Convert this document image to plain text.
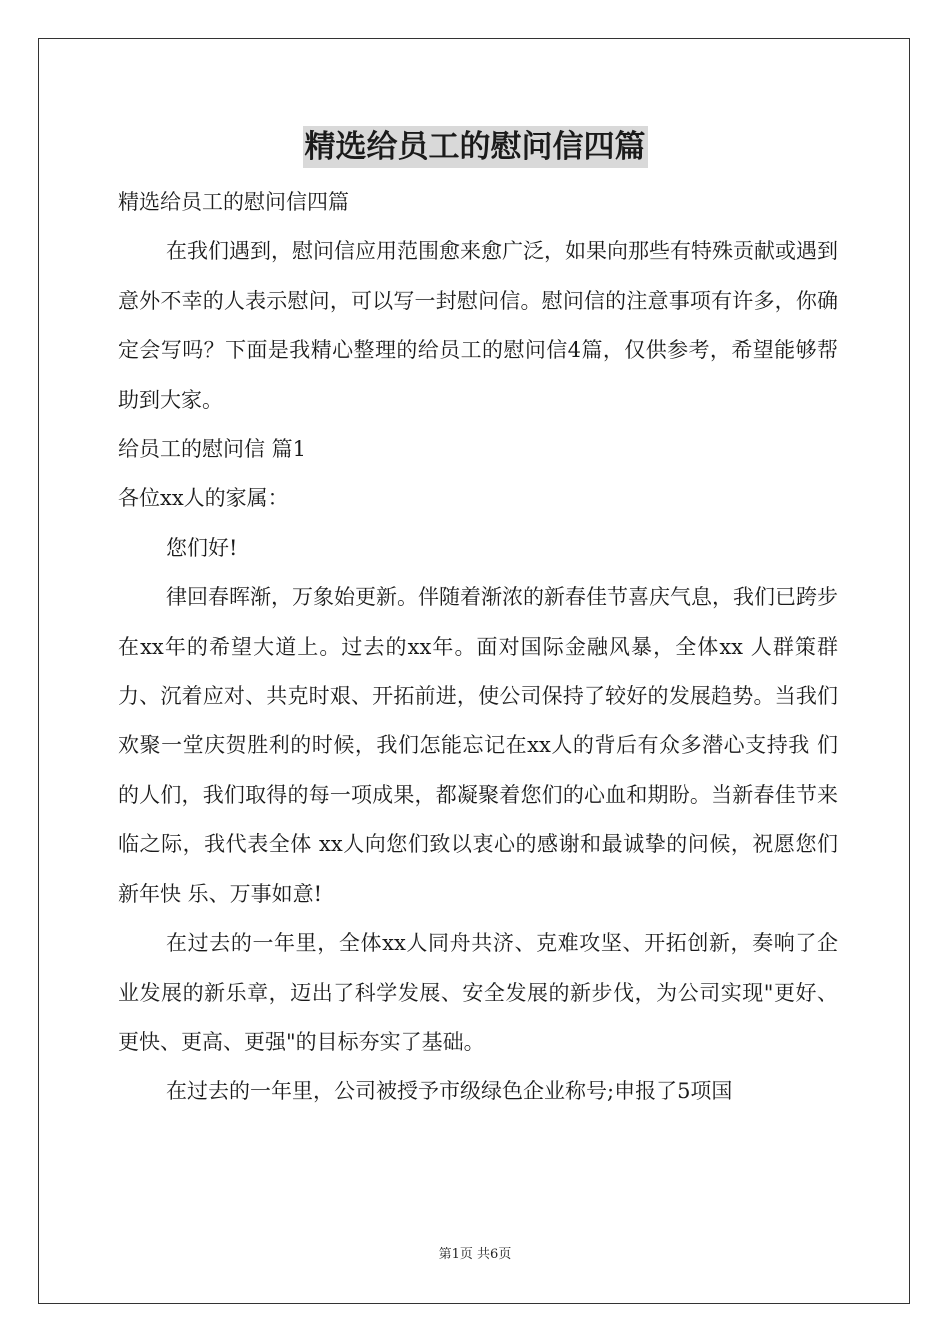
精选给员工的慰问信四篇

精选给员工的慰问信四篇

在我们遇到，慰问信应用范围愈来愈广泛，如果向那些有特殊贡献或遇到意外不幸的人表示慰问，可以写一封慰问信。慰问信的注意事项有许多，你确定会写吗？下面是我精心整理的给员工的慰问信4篇，仅供参考，希望能够帮助到大家。

给员工的慰问信 篇1

各位xx人的家属：

您们好!

律回春晖渐，万象始更新。伴随着渐浓的新春佳节喜庆气息，我们已跨步在xx年的希望大道上。过去的xx年。面对国际金融风暴，全体xx 人群策群力、沉着应对、共克时艰、开拓前进，使公司保持了较好的发展趋势。当我们欢聚一堂庆贺胜利的时候，我们怎能忘记在xx人的背后有众多潜心支持我 们的人们，我们取得的每一项成果，都凝聚着您们的心血和期盼。当新春佳节来临之际，我代表全体 xx人向您们致以衷心的感谢和最诚挚的问候，祝愿您们新年快 乐、万事如意!

在过去的一年里，全体xx人同舟共济、克难攻坚、开拓创新，奏响了企业发展的新乐章，迈出了科学发展、安全发展的新步伐，为公司实现"更好、更快、更高、更强"的目标夯实了基础。

在过去的一年里，公司被授予市级绿色企业称号;申报了5项国

第1页 共6页
